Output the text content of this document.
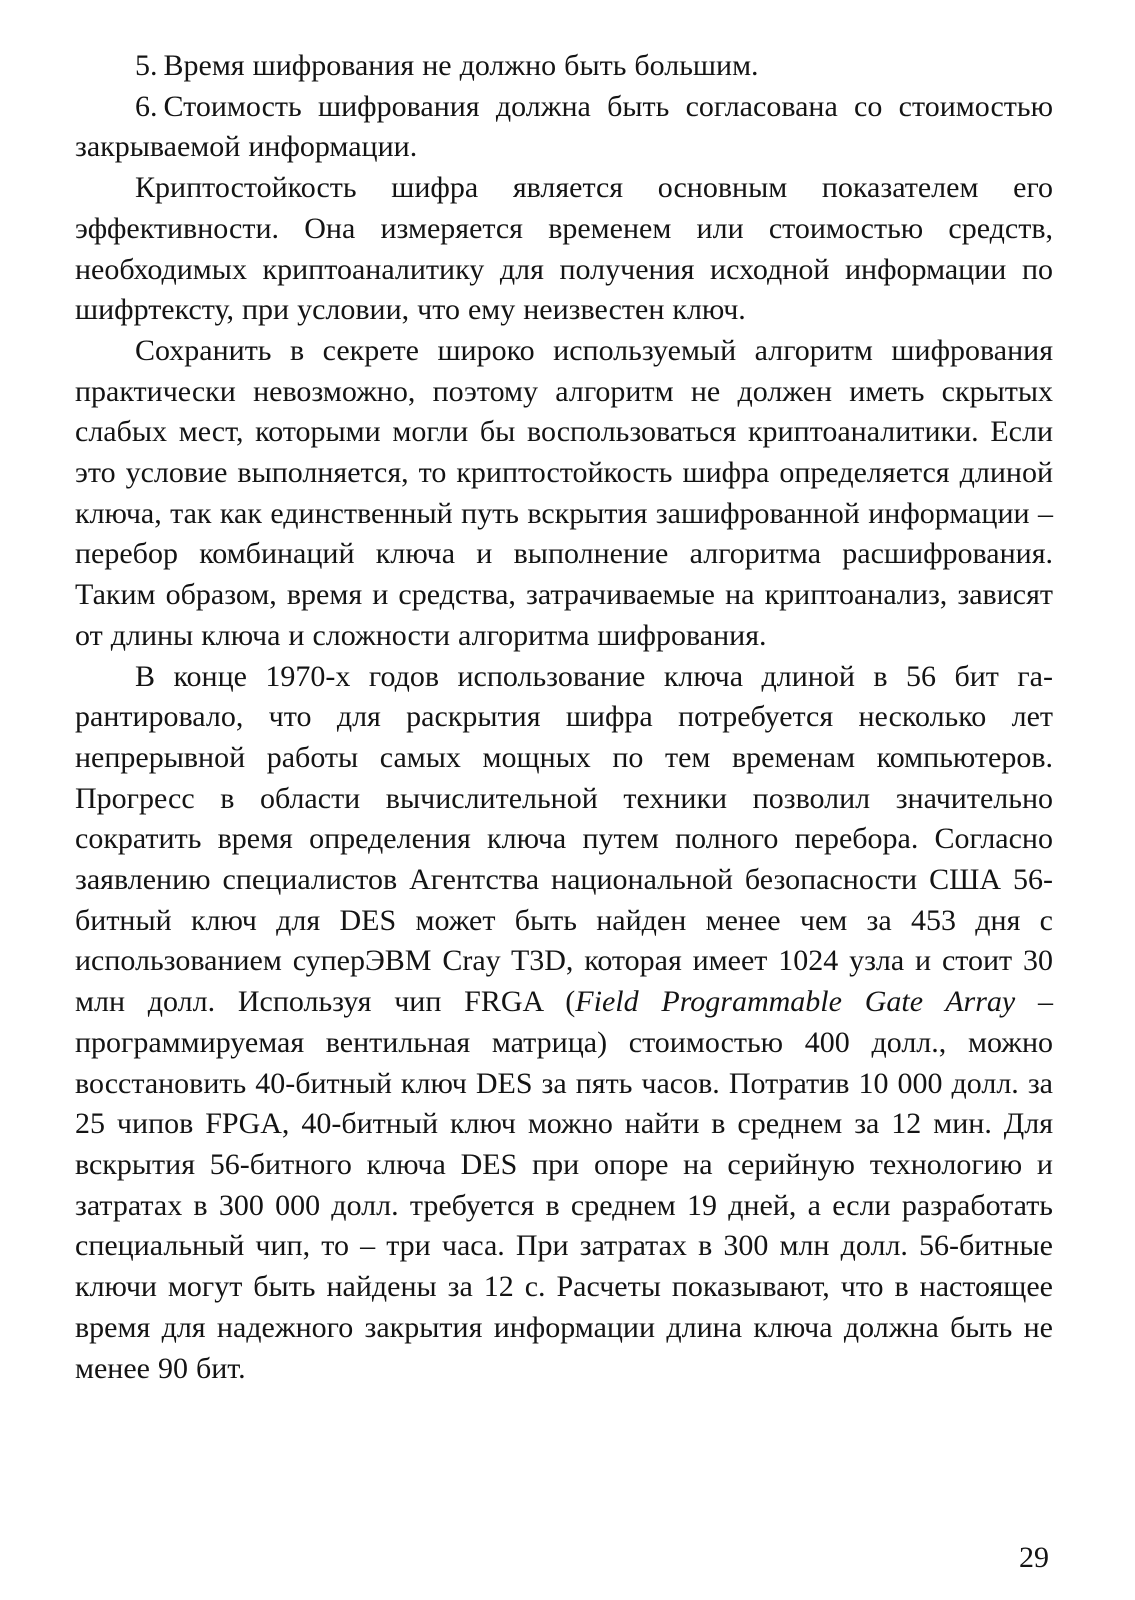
5. Время шифрования не должно быть большим.

6. Стоимость шифрования должна быть согласована со стоимостью закрываемой информации.

Криптостойкость шифра является основным показателем его эффективности. Она измеряется временем или стоимостью средств, необходимых криптоаналитику для получения исходной информации по шифртексту, при условии, что ему неизвестен ключ.

Сохранить в секрете широко используемый алгоритм шифрования практически невозможно, поэтому алгоритм не должен иметь скрытых слабых мест, которыми могли бы воспользоваться криптоаналитики. Если это условие выполняется, то криптостойкость шифра определяется длиной ключа, так как единственный путь вскрытия зашифрованной информации – перебор комбинаций ключа и выполнение алгоритма расшифрования. Таким образом, время и средства, затрачиваемые на криптоанализ, зависят от длины ключа и сложности алгоритма шифрования.

В конце 1970-х годов использование ключа длиной в 56 бит гарантировало, что для раскрытия шифра потребуется несколько лет непрерывной работы самых мощных по тем временам компьютеров. Прогресс в области вычислительной техники позволил значительно сократить время определения ключа путем полного перебора. Согласно заявлению специалистов Агентства национальной безопасности США 56-битный ключ для DES может быть найден менее чем за 453 дня с использованием суперЭВМ Cray T3D, которая имеет 1024 узла и стоит 30 млн долл. Используя чип FRGA (Field Programmable Gate Array – программируемая вентильная матрица) стоимостью 400 долл., можно восстановить 40-битный ключ DES за пять часов. Потратив 10 000 долл. за 25 чипов FPGA, 40-битный ключ можно найти в среднем за 12 мин. Для вскрытия 56-битного ключа DES при опоре на серийную технологию и затратах в 300 000 долл. требуется в среднем 19 дней, а если разработать специальный чип, то – три часа. При затратах в 300 млн долл. 56-битные ключи могут быть найдены за 12 с. Расчеты показывают, что в настоящее время для надежного закрытия информации длина ключа должна быть не менее 90 бит.

29
